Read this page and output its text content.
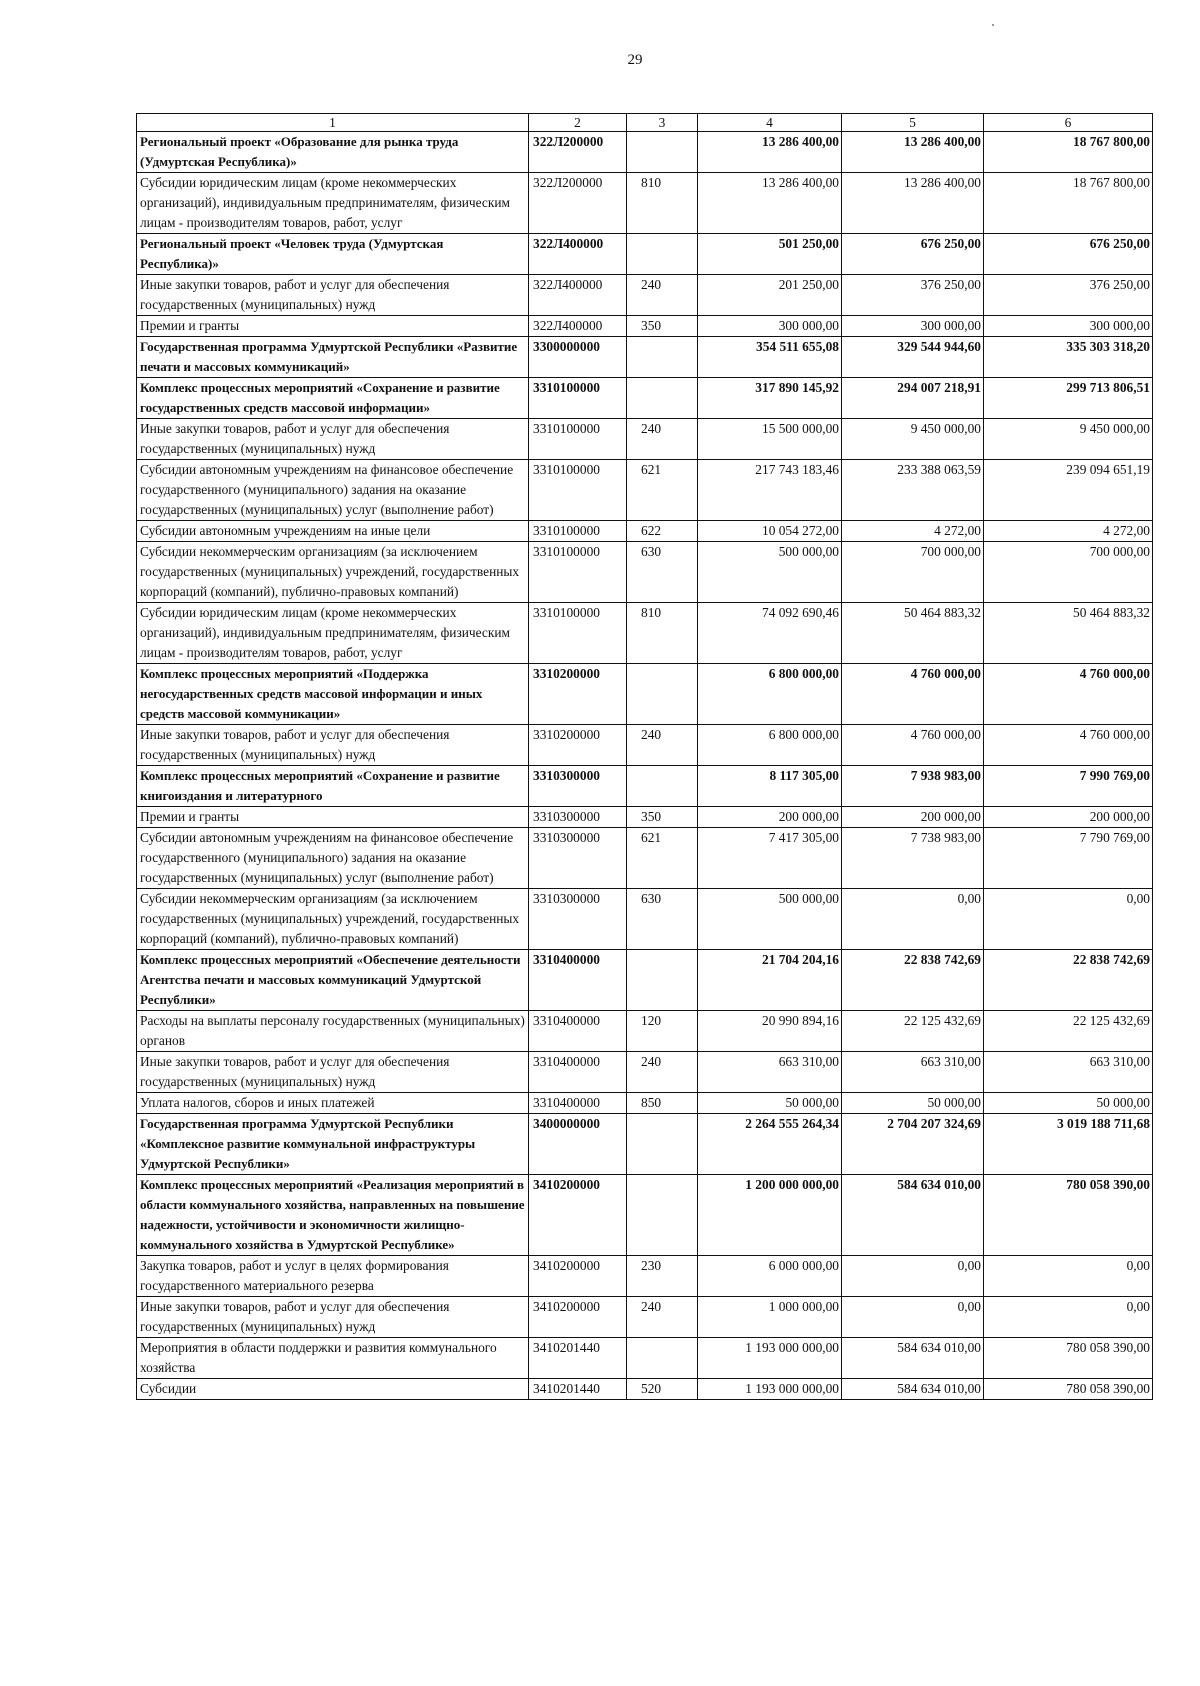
29
1	2	3	4	5	6
Региональный проект «Образование для рынка труда (Удмуртская Республика)»	322Л200000		13 286 400,00	13 286 400,00	18 767 800,00
Субсидии юридическим лицам (кроме некоммерческих организаций), индивидуальным предпринимателям, физическим лицам - производителям товаров, работ, услуг	322Л200000	810	13 286 400,00	13 286 400,00	18 767 800,00
Региональный проект «Человек труда (Удмуртская Республика)»	322Л400000		501 250,00	676 250,00	676 250,00
Иные закупки товаров, работ и услуг для обеспечения государственных (муниципальных) нужд	322Л400000	240	201 250,00	376 250,00	376 250,00
Премии и гранты	322Л400000	350	300 000,00	300 000,00	300 000,00
Государственная программа Удмуртской Республики «Развитие печати и массовых коммуникаций»	3300000000		354 511 655,08	329 544 944,60	335 303 318,20
Комплекс процессных мероприятий «Сохранение и развитие государственных средств массовой информации»	3310100000		317 890 145,92	294 007 218,91	299 713 806,51
Иные закупки товаров, работ и услуг для обеспечения государственных (муниципальных) нужд	3310100000	240	15 500 000,00	9 450 000,00	9 450 000,00
Субсидии автономным учреждениям на финансовое обеспечение государственного (муниципального) задания на оказание государственных (муниципальных) услуг (выполнение работ)	3310100000	621	217 743 183,46	233 388 063,59	239 094 651,19
Субсидии автономным учреждениям на иные цели	3310100000	622	10 054 272,00	4 272,00	4 272,00
Субсидии некоммерческим организациям (за исключением государственных (муниципальных) учреждений, государственных корпораций (компаний), публично-правовых компаний)	3310100000	630	500 000,00	700 000,00	700 000,00
Субсидии юридическим лицам (кроме некоммерческих организаций), индивидуальным предпринимателям, физическим лицам - производителям товаров, работ, услуг	3310100000	810	74 092 690,46	50 464 883,32	50 464 883,32
Комплекс процессных мероприятий «Поддержка негосударственных средств массовой информации и иных средств массовой коммуникации»	3310200000		6 800 000,00	4 760 000,00	4 760 000,00
Иные закупки товаров, работ и услуг для обеспечения государственных (муниципальных) нужд	3310200000	240	6 800 000,00	4 760 000,00	4 760 000,00
Комплекс процессных мероприятий «Сохранение и развитие книгоиздания и литературного	3310300000		8 117 305,00	7 938 983,00	7 990 769,00
Премии и гранты	3310300000	350	200 000,00	200 000,00	200 000,00
Субсидии автономным учреждениям на финансовое обеспечение государственного (муниципального) задания на оказание государственных (муниципальных) услуг (выполнение работ)	3310300000	621	7 417 305,00	7 738 983,00	7 790 769,00
Субсидии некоммерческим организациям (за исключением государственных (муниципальных) учреждений, государственных корпораций (компаний), публично-правовых компаний)	3310300000	630	500 000,00	0,00	0,00
Комплекс процессных мероприятий «Обеспечение деятельности Агентства печати и массовых коммуникаций Удмуртской Республики»	3310400000		21 704 204,16	22 838 742,69	22 838 742,69
Расходы на выплаты персоналу государственных (муниципальных) органов	3310400000	120	20 990 894,16	22 125 432,69	22 125 432,69
Иные закупки товаров, работ и услуг для обеспечения государственных (муниципальных) нужд	3310400000	240	663 310,00	663 310,00	663 310,00
Уплата налогов, сборов и иных платежей	3310400000	850	50 000,00	50 000,00	50 000,00
Государственная программа Удмуртской Республики «Комплексное развитие коммунальной инфраструктуры Удмуртской Республики»	3400000000		2 264 555 264,34	2 704 207 324,69	3 019 188 711,68
Комплекс процессных мероприятий «Реализация мероприятий в области коммунального хозяйства, направленных на повышение надежности, устойчивости и экономичности жилищно-коммунального хозяйства в Удмуртской Республике»	3410200000		1 200 000 000,00	584 634 010,00	780 058 390,00
Закупка товаров, работ и услуг в целях формирования государственного материального резерва	3410200000	230	6 000 000,00	0,00	0,00
Иные закупки товаров, работ и услуг для обеспечения государственных (муниципальных) нужд	3410200000	240	1 000 000,00	0,00	0,00
Мероприятия в области поддержки и развития коммунального хозяйства	3410201440		1 193 000 000,00	584 634 010,00	780 058 390,00
Субсидии	3410201440	520	1 193 000 000,00	584 634 010,00	780 058 390,00
